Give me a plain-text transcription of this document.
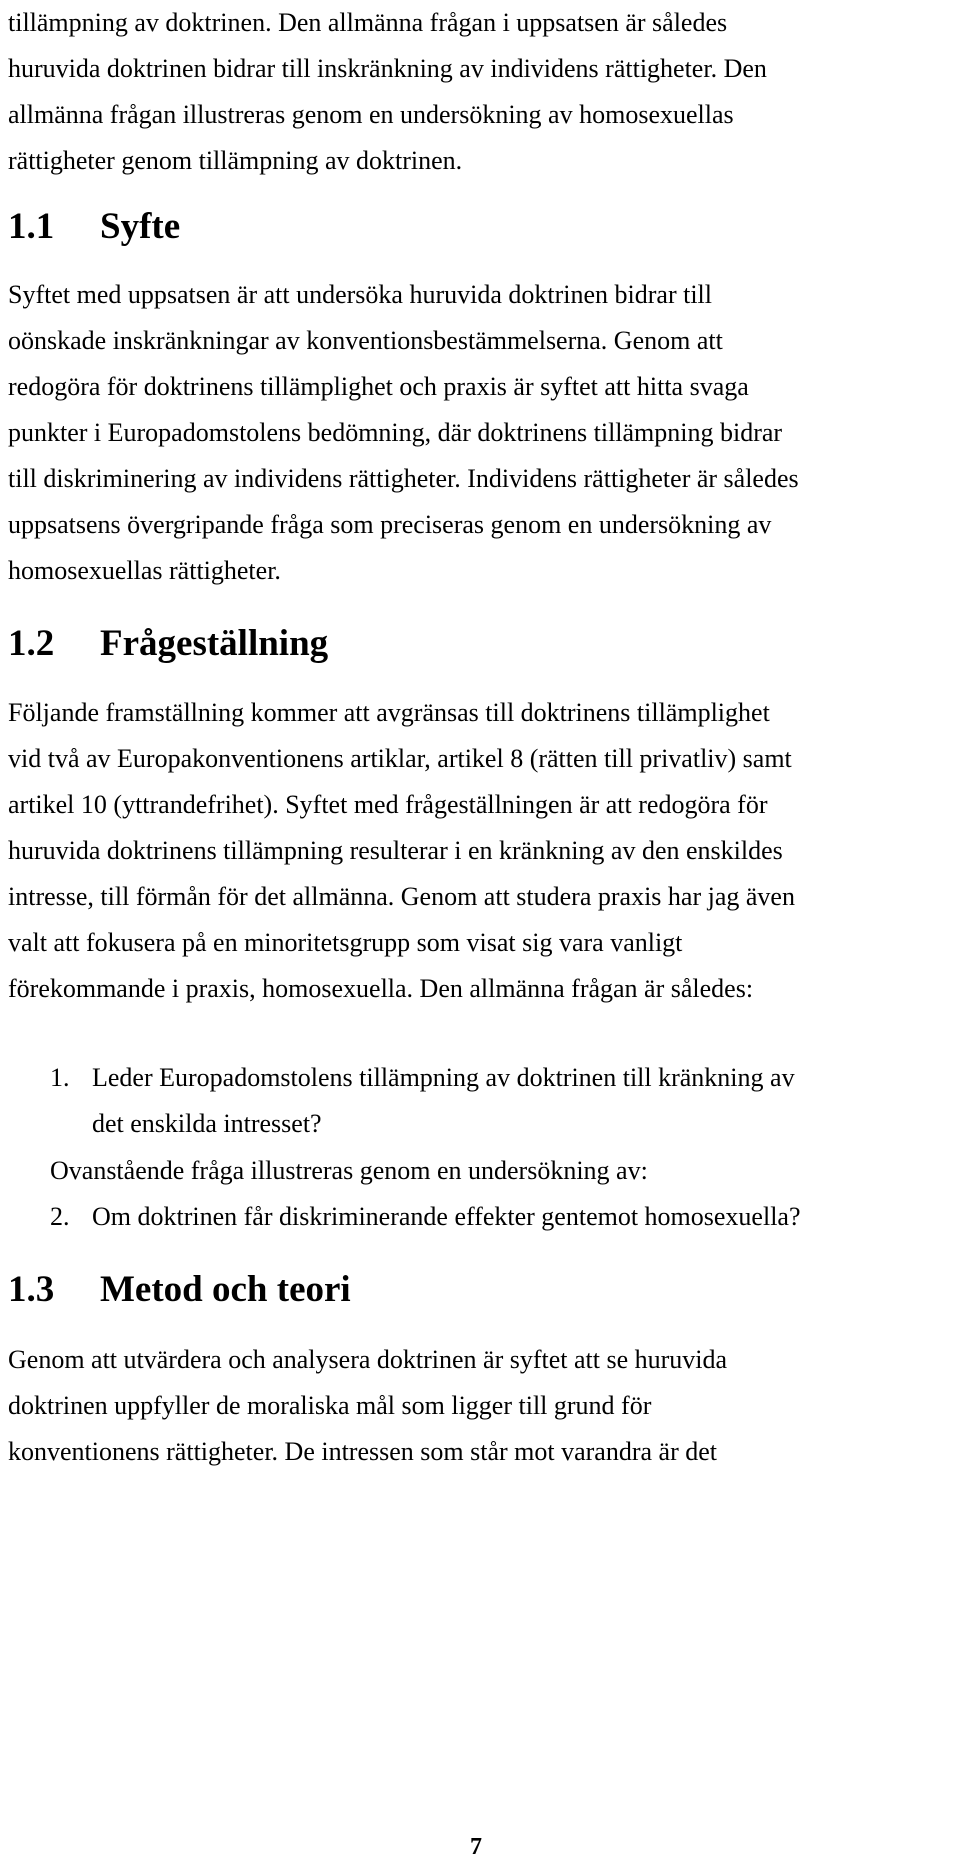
tillämpning av doktrinen. Den allmänna frågan i uppsatsen är således
huruvida doktrinen bidrar till inskränkning av individens rättigheter. Den
allmänna frågan illustreras genom en undersökning av homosexuellas
rättigheter genom tillämpning av doktrinen.
1.1 Syfte
Syftet med uppsatsen är att undersöka huruvida doktrinen bidrar till
oönskade inskränkningar av konventionsbestämmelserna. Genom att
redogöra för doktrinens tillämplighet och praxis är syftet att hitta svaga
punkter i Europadomstolens bedömning, där doktrinens tillämpning bidrar
till diskriminering av individens rättigheter. Individens rättigheter är således
uppsatsens övergripande fråga som preciseras genom en undersökning av
homosexuellas rättigheter.
1.2 Frågeställning
Följande framställning kommer att avgränsas till doktrinens tillämplighet
vid två av Europakonventionens artiklar, artikel 8 (rätten till privatliv) samt
artikel 10 (yttrandefrihet). Syftet med frågeställningen är att redogöra för
huruvida doktrinens tillämpning resulterar i en kränkning av den enskildes
intresse, till förmån för det allmänna. Genom att studera praxis har jag även
valt att fokusera på en minoritetsgrupp som visat sig vara vanligt
förekommande i praxis, homosexuella. Den allmänna frågan är således:
1. Leder Europadomstolens tillämpning av doktrinen till kränkning av
det enskilda intresset?
Ovanstående fråga illustreras genom en undersökning av:
2. Om doktrinen får diskriminerande effekter gentemot homosexuella?
1.3 Metod och teori
Genom att utvärdera och analysera doktrinen är syftet att se huruvida
doktrinen uppfyller de moraliska mål som ligger till grund för
konventionens rättigheter. De intressen som står mot varandra är det
7
